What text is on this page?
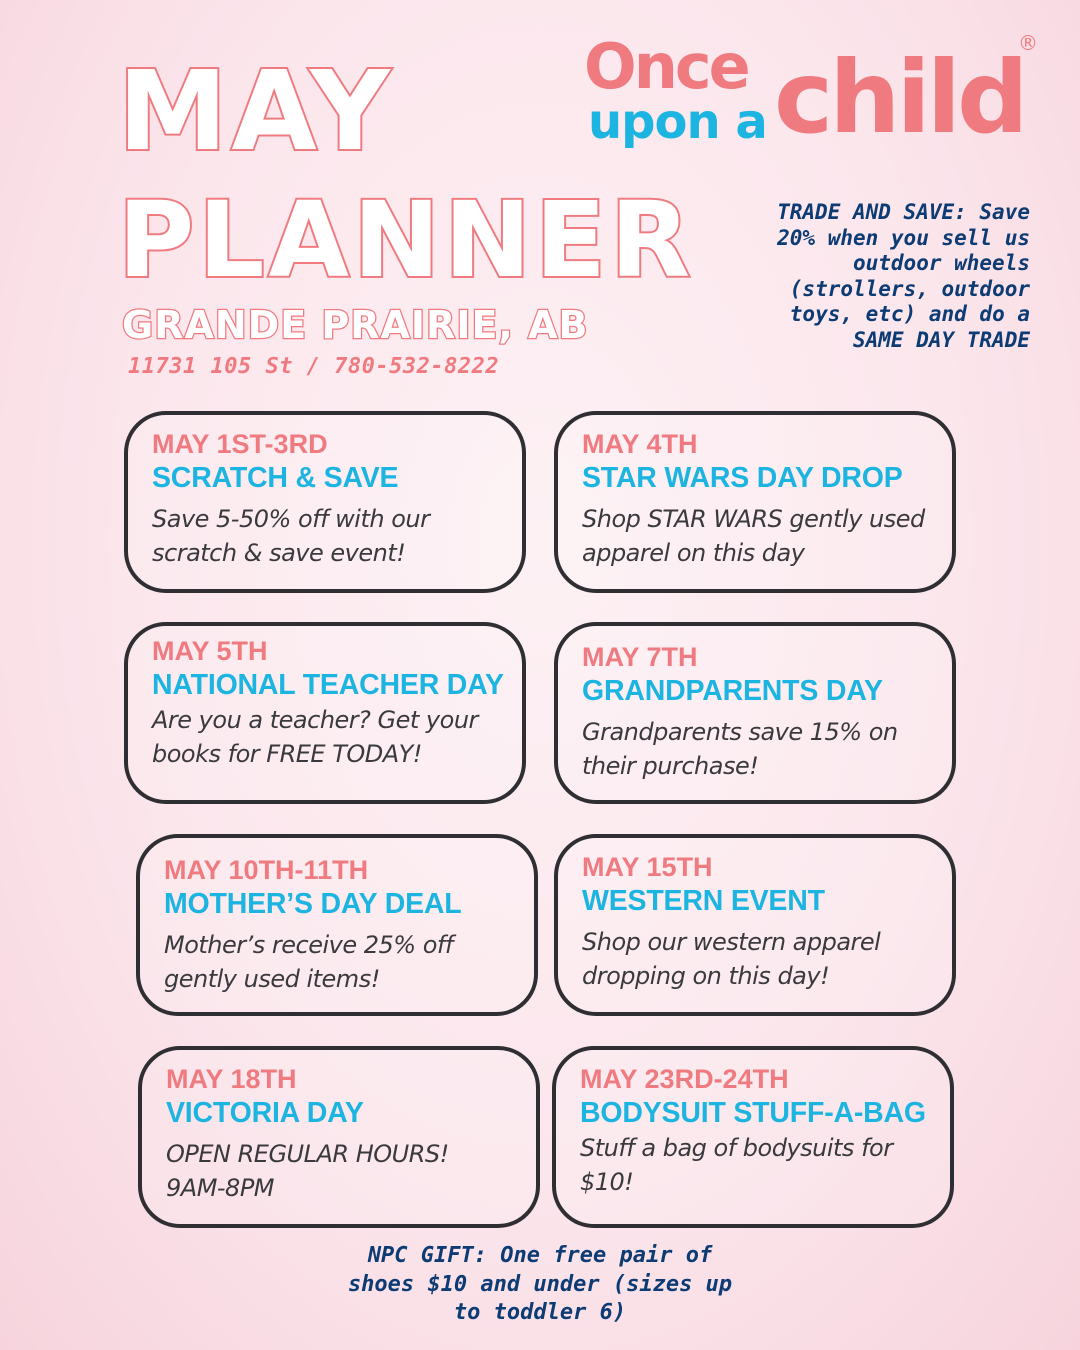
MAY
PLANNER
GRANDE PRAIRIE, AB
11731 105 St / 780-532-8222
Once
upon a child
®
TRADE AND SAVE: Save 20% when you sell us outdoor wheels (strollers, outdoor toys, etc) and do a SAME DAY TRADE
MAY 1ST-3RD
SCRATCH & SAVE
Save 5-50% off with our scratch & save event!
MAY 4TH
STAR WARS DAY DROP
Shop STAR WARS gently used apparel on this day
MAY 5TH
NATIONAL TEACHER DAY
Are you a teacher? Get your books for FREE TODAY!
MAY 7TH
GRANDPARENTS DAY
Grandparents save 15% on their purchase!
MAY 10TH-11TH
MOTHER’S DAY DEAL
Mother’s receive 25% off gently used items!
MAY 15TH
WESTERN EVENT
Shop our western apparel dropping on this day!
MAY 18TH
VICTORIA DAY
OPEN REGULAR HOURS! 9AM-8PM
MAY 23RD-24TH
BODYSUIT STUFF-A-BAG
Stuff a bag of bodysuits for $10!
NPC GIFT: One free pair of shoes $10 and under (sizes up to toddler 6)
